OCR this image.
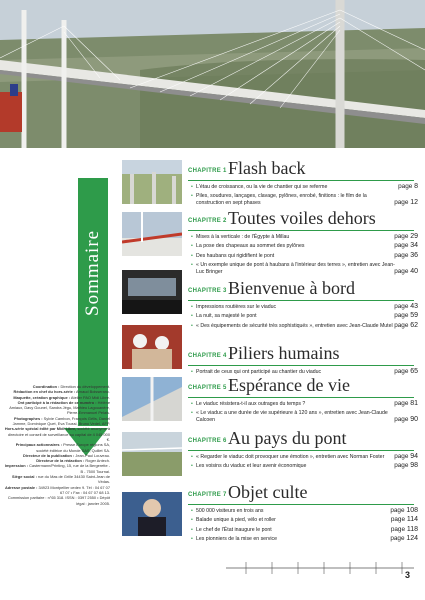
Sommaire
Coordination : Direction du développement.
Rédaction en chef du hors-série : Arnaud Boisseranc.
Maquette, création graphique : Atelier PAO Midi Libre.
Ont participé à la rédaction de ce numéro : Hélène Amiaux, Davy Gounel, Sandra Jégu, Mathieu Lagouanère, Pierre-Emmanuel Pelais.
Photographes : Sylvie Cambon, François Gélis, Daniel Jamme, Dominique Quet, Eva Toussi, Bruno Vedel, AFP.
Hors-série spécial édité par Midi Libre, société anonyme à directoire et conseil de surveillance au capital de 4 045 000 €.
Principaux actionnaires : Presse Europe régions SA, société éditrice du Monde SAS, Quillet SA.
Directeur de la publication : Jean-Paul Louveau.
Directeur de la rédaction : Roger Antech.
Impression : Castermann/Printing, 15, rue de la Bergerette - B - 7500 Tournai.
Siège social : rue du Mas de Grille 34430 Saint-Jean de Védas.
Adresse postale : 34923 Montpellier cedex 9. Tél : 04 67 07 67 07 • Fax : 04 67 07 68 13.
Commission paritaire : n°65 318. ISSN : 0397 2550 • Dépôt légal : janvier 2005.
CHAPITRE 1 Flash back
• L'étau de croissance, ou la vie de chantier qui se referme	page 8
• Piles, soudures, lançages, clavage, pylônes, enrobé, finitions : le film de la construction en sept phases	page 12
CHAPITRE 2 Toutes voiles dehors
• Mises à la verticale : de l'Égypte à Millau	page 29
• La pose des chapeaux au sommet des pylônes	page 34
• Des haubans qui rigidifient le pont	page 36
• « Un exemple unique de pont à haubans à l'intérieur des terres », entretien avec Jean-Luc Bringer	page 40
CHAPITRE 3 Bienvenue à bord
• Impressions routières sur le viaduc	page 43
• La nuit, sa majesté le pont	page 59
• « Des équipements de sécurité très sophistiqués », entretien avec Jean-Claude Mutel page 62
CHAPITRE 4 Piliers humains
• Portrait de ceux qui ont participé au chantier du viaduc	page 65
CHAPITRE 5 Espérance de vie
• Le viaduc résistera-t-il aux outrages du temps ?	page 81
• « Le viaduc a une durée de vie supérieure à 120 ans », entretien avec Jean-Claude Calcoen	page 90
CHAPITRE 6 Au pays du pont
• « Regarder le viaduc doit provoquer une émotion », entretien avec Norman Foster page 94
• Les voisins du viaduc et leur avenir économique	page 98
CHAPITRE 7 Objet culte
• 500 000 visiteurs en trois ans	page 108
• Balade unique à pied, vélo et roller	page 114
• Le chef de l'État inaugure le pont	page 118
• Les pionniers de la mise en service	page 124
3
